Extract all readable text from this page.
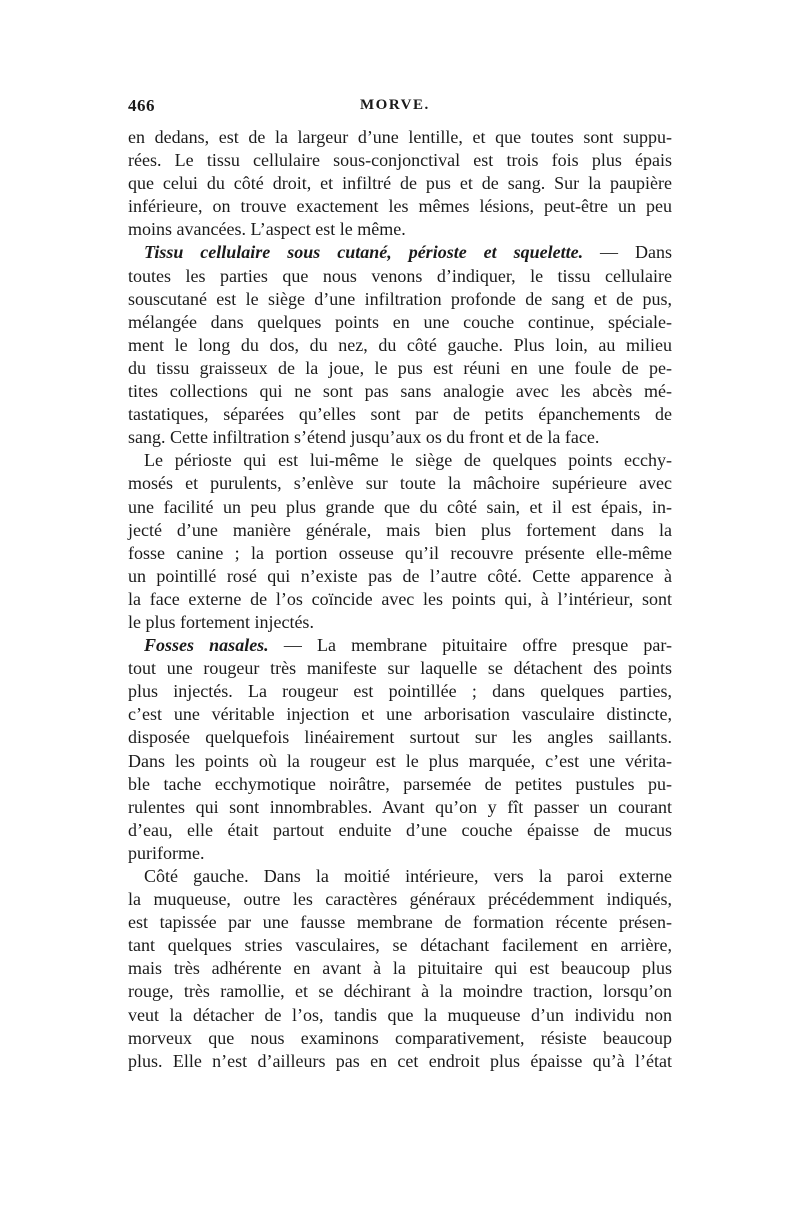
466	MORVE.
en dedans, est de la largeur d’une lentille, et que toutes sont suppu-
rées. Le tissu cellulaire sous-conjonctival est trois fois plus épais
que celui du côté droit, et infiltré de pus et de sang. Sur la paupière
inférieure, on trouve exactement les mêmes lésions, peut-être un peu
moins avancées. L’aspect est le même.
Tissu cellulaire sous cutané, périoste et squelette. — Dans
toutes les parties que nous venons d’indiquer, le tissu cellulaire
souscutané est le siège d’une infiltration profonde de sang et de pus,
mélangée dans quelques points en une couche continue, spéciale-
ment le long du dos, du nez, du côté gauche. Plus loin, au milieu
du tissu graisseux de la joue, le pus est réuni en une foule de pe-
tites collections qui ne sont pas sans analogie avec les abcès mé-
tastatiques, séparées qu’elles sont par de petits épanchements de
sang. Cette infiltration s’étend jusqu’aux os du front et de la face.
Le périoste qui est lui-même le siège de quelques points ecchy-
mosés et purulents, s’enlève sur toute la mâchoire supérieure avec
une facilité un peu plus grande que du côté sain, et il est épais, in-
jecté d’une manière générale, mais bien plus fortement dans la
fosse canine ; la portion osseuse qu’il recouvre présente elle-même
un pointillé rosé qui n’existe pas de l’autre côté. Cette apparence à
la face externe de l’os coïncide avec les points qui, à l’intérieur, sont
le plus fortement injectés.
Fosses nasales. — La membrane pituitaire offre presque par-
tout une rougeur très manifeste sur laquelle se détachent des points
plus injectés. La rougeur est pointillée ; dans quelques parties,
c’est une véritable injection et une arborisation vasculaire distincte,
disposée quelquefois linéairement surtout sur les angles saillants.
Dans les points où la rougeur est le plus marquée, c’est une vérita-
ble tache ecchymotique noirâtre, parsemée de petites pustules pu-
rulentes qui sont innombrables. Avant qu’on y fît passer un courant
d’eau, elle était partout enduite d’une couche épaisse de mucus
puriforme.
Côté gauche. Dans la moitié intérieure, vers la paroi externe
la muqueuse, outre les caractères généraux précédemment indiqués,
est tapissée par une fausse membrane de formation récente présen-
tant quelques stries vasculaires, se détachant facilement en arrière,
mais très adhérente en avant à la pituitaire qui est beaucoup plus
rouge, très ramollie, et se déchirant à la moindre traction, lorsqu’on
veut la détacher de l’os, tandis que la muqueuse d’un individu non
morveux que nous examinons comparativement, résiste beaucoup
plus. Elle n’est d’ailleurs pas en cet endroit plus épaisse qu’à l’état
